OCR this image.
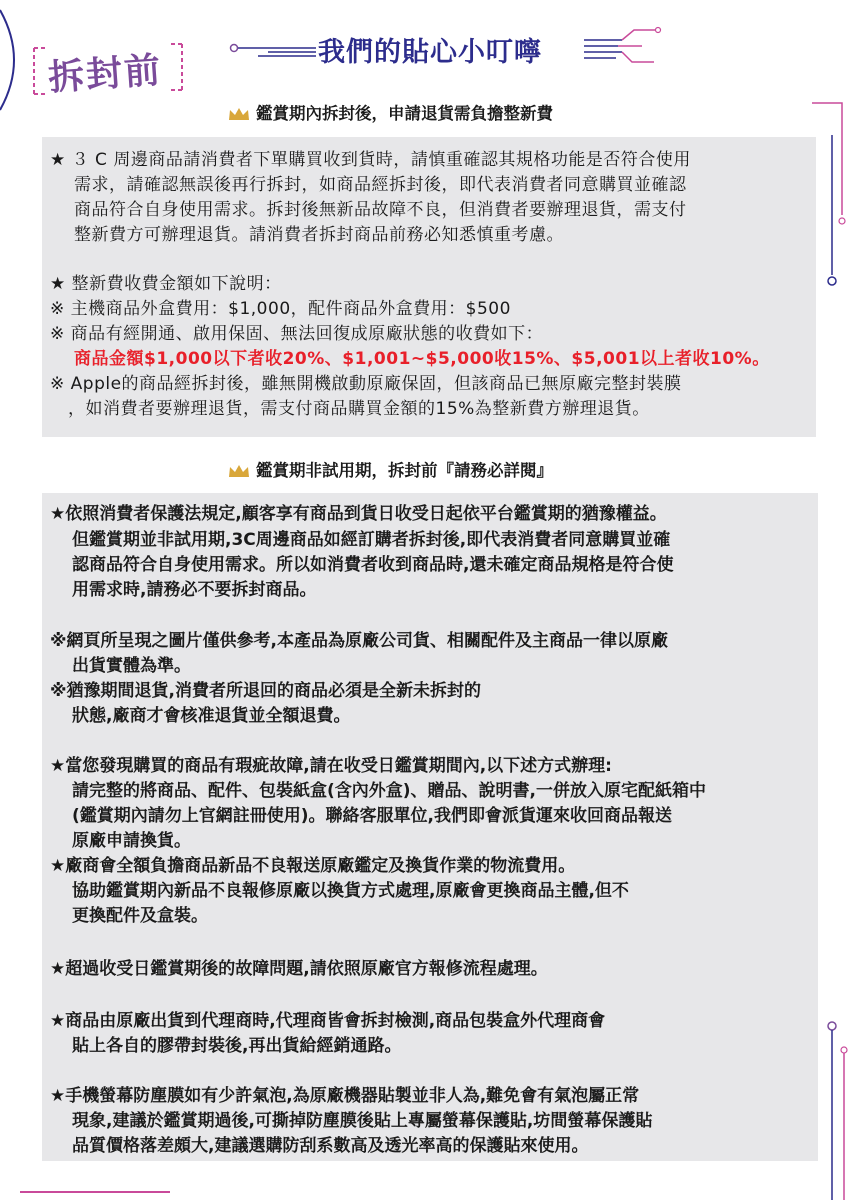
拆封前	我們的貼心小叮嚀
鑑賞期內拆封後，申請退貨需負擔整新費
★ ３ C 周邊商品請消費者下單購買收到貨時，請慎重確認其規格功能是否符合使用
需求，請確認無誤後再行拆封，如商品經拆封後，即代表消費者同意購買並確認
商品符合自身使用需求。拆封後無新品故障不良，但消費者要辦理退貨，需支付
整新費方可辦理退貨。請消費者拆封商品前務必知悉慎重考慮。
★ 整新費收費金額如下說明：
※ 主機商品外盒費用：$1,000，配件商品外盒費用：$500
※ 商品有經開通、啟用保固、無法回復成原廠狀態的收費如下：
商品金額$1,000以下者收20%、$1,001~$5,000收15%、$5,001以上者收10%。
※ Apple的商品經拆封後，雖無開機啟動原廠保固，但該商品已無原廠完整封裝膜
，如消費者要辦理退貨，需支付商品購買金額的15%為整新費方辦理退貨。
鑑賞期非試用期，拆封前『請務必詳閱』
★依照消費者保護法規定,顧客享有商品到貨日收受日起依平台鑑賞期的猶豫權益。
但鑑賞期並非試用期,3C周邊商品如經訂購者拆封後,即代表消費者同意購買並確
認商品符合自身使用需求。所以如消費者收到商品時,還未確定商品規格是符合使
用需求時,請務必不要拆封商品。
※網頁所呈現之圖片僅供參考,本產品為原廠公司貨、相關配件及主商品一律以原廠
出貨實體為準。
※猶豫期間退貨,消費者所退回的商品必須是全新未拆封的
狀態,廠商才會核准退貨並全額退費。
★當您發現購買的商品有瑕疵故障,請在收受日鑑賞期間內,以下述方式辦理:
請完整的將商品、配件、包裝紙盒(含內外盒)、贈品、說明書,一併放入原宅配紙箱中
(鑑賞期內請勿上官網註冊使用)。聯絡客服單位,我們即會派貨運來收回商品報送
原廠申請換貨。
★廠商會全額負擔商品新品不良報送原廠鑑定及換貨作業的物流費用。
協助鑑賞期內新品不良報修原廠以換貨方式處理,原廠會更換商品主體,但不
更換配件及盒裝。
★超過收受日鑑賞期後的故障問題,請依照原廠官方報修流程處理。
★商品由原廠出貨到代理商時,代理商皆會拆封檢測,商品包裝盒外代理商會
貼上各自的膠帶封裝後,再出貨給經銷通路。
★手機螢幕防塵膜如有少許氣泡,為原廠機器貼製並非人為,難免會有氣泡屬正常
現象,建議於鑑賞期過後,可撕掉防塵膜後貼上專屬螢幕保護貼,坊間螢幕保護貼
品質價格落差頗大,建議選購防刮系數高及透光率高的保護貼來使用。
